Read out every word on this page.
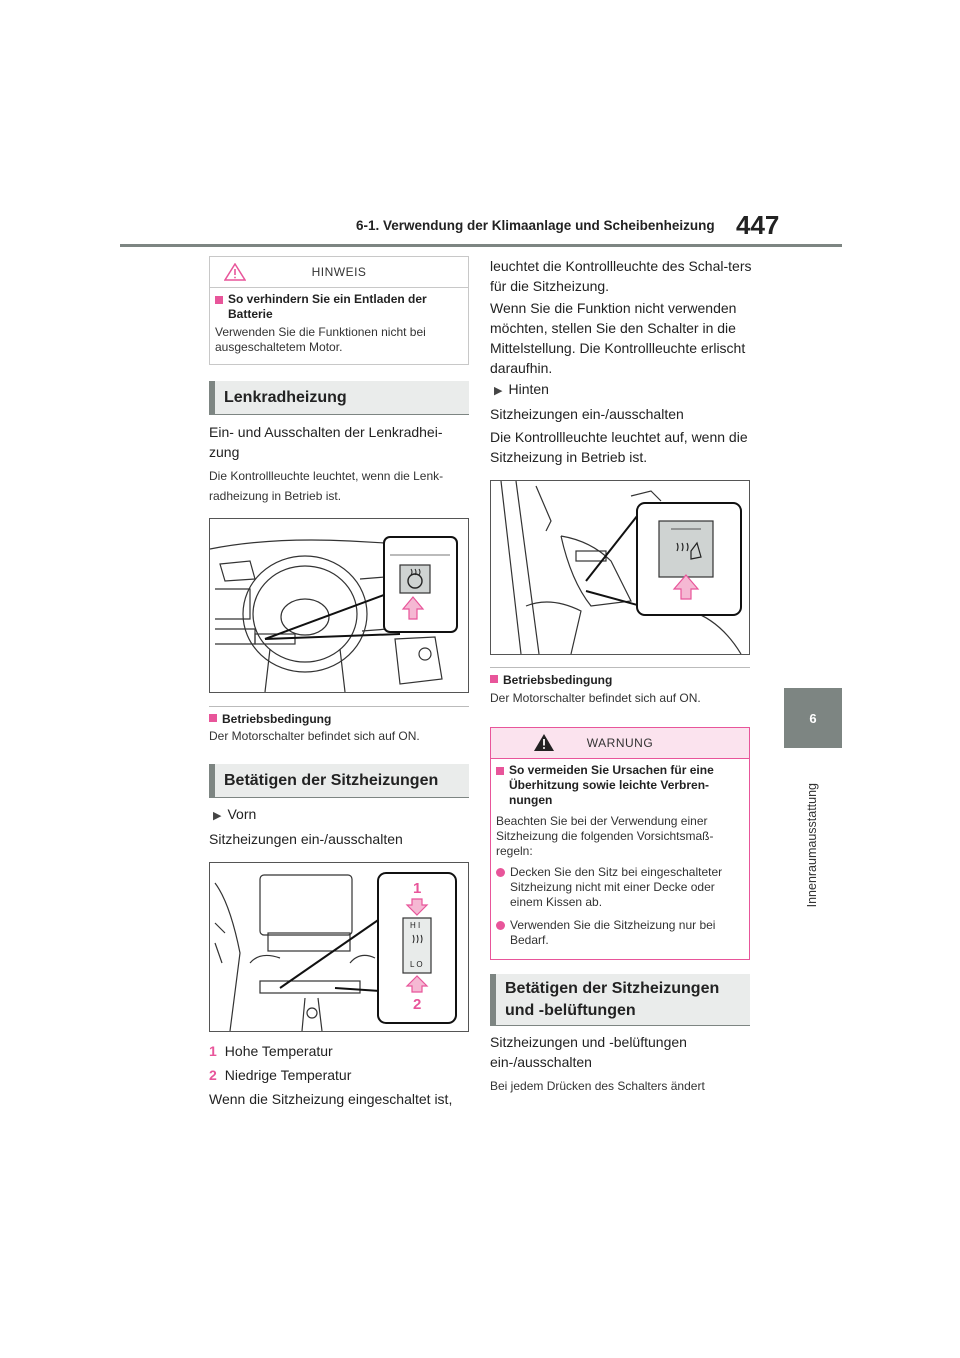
6-1. Verwendung der Klimaanlage und Scheibenheizung 447
6
Innenraumausstattung
HINWEIS
So verhindern Sie ein Entladen der Batterie
Verwenden Sie die Funktionen nicht bei ausgeschaltetem Motor.
Lenkradheizung
Ein- und Ausschalten der Lenkradhei-zung
Die Kontrollleuchte leuchtet, wenn die Lenk-radheizung in Betrieb ist.
Betriebsbedingung
Der Motorschalter befindet sich auf ON.
Betätigen der Sitzheizungen
▶ Vorn
Sitzheizungen ein-/ausschalten
1
H I
L O
2
1 Hohe Temperatur
2 Niedrige Temperatur
Wenn die Sitzheizung eingeschaltet ist,
leuchtet die Kontrollleuchte des Schal-ters für die Sitzheizung.
Wenn Sie die Funktion nicht verwenden möchten, stellen Sie den Schalter in die Mittelstellung. Die Kontrollleuchte erlischt daraufhin.
▶ Hinten
Sitzheizungen ein-/ausschalten
Die Kontrollleuchte leuchtet auf, wenn die Sitzheizung in Betrieb ist.
Betriebsbedingung
Der Motorschalter befindet sich auf ON.
WARNUNG
So vermeiden Sie Ursachen für eine Überhitzung sowie leichte Verbren-nungen
Beachten Sie bei der Verwendung einer Sitzheizung die folgenden Vorsichtsmaß-regeln:
Decken Sie den Sitz bei eingeschalteter Sitzheizung nicht mit einer Decke oder einem Kissen ab.
Verwenden Sie die Sitzheizung nur bei Bedarf.
Betätigen der Sitzheizungen und -belüftungen
Sitzheizungen und -belüftungen ein-/ausschalten
Bei jedem Drücken des Schalters ändert
